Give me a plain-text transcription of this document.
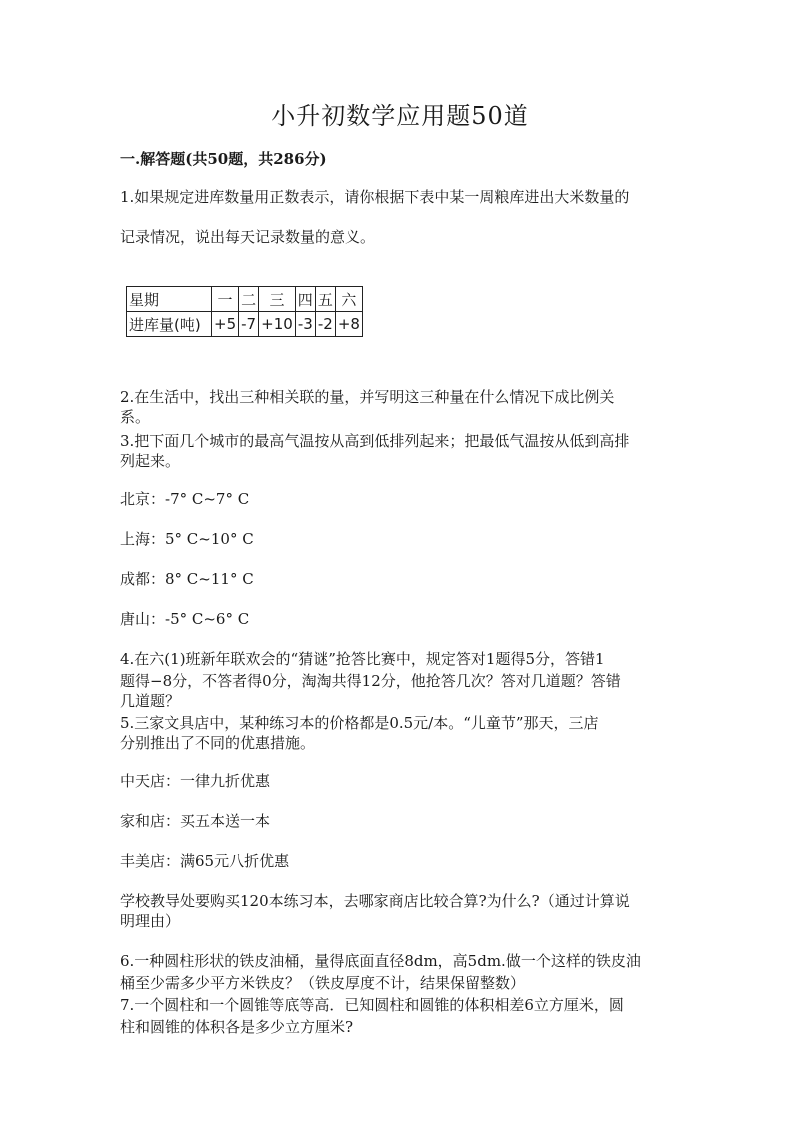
小升初数学应用题50道
一.解答题(共50题，共286分)
1.如果规定进库数量用正数表示，请你根据下表中某一周粮库进出大米数量的
记录情况，说出每天记录数量的意义。
星期	一	二	三	四	五	六
进库量(吨)	+5	-7	+10	-3	-2	+8
2.在生活中，找出三种相关联的量，并写明这三种量在什么情况下成比例关
系。
3.把下面几个城市的最高气温按从高到低排列起来；把最低气温按从低到高排
列起来。
北京：-7° C~7° C
上海：5° C~10° C
成都：8° C~11° C
唐山：-5° C~6° C
4.在六(1)班新年联欢会的“猜谜”抢答比赛中，规定答对1题得5分，答错1
题得−8分，不答者得0分，淘淘共得12分，他抢答几次？答对几道题？答错
几道题？
5.三家文具店中，某种练习本的价格都是0.5元/本。“儿童节”那天，三店
分别推出了不同的优惠措施。
中天店：一律九折优惠
家和店：买五本送一本
丰美店：满65元八折优惠
学校教导处要购买120本练习本，去哪家商店比较合算?为什么?（通过计算说
明理由）
6.一种圆柱形状的铁皮油桶，量得底面直径8dm，高5dm.做一个这样的铁皮油
桶至少需多少平方米铁皮？（铁皮厚度不计，结果保留整数）
7.一个圆柱和一个圆锥等底等高．已知圆柱和圆锥的体积相差6立方厘米，圆
柱和圆锥的体积各是多少立方厘米?
